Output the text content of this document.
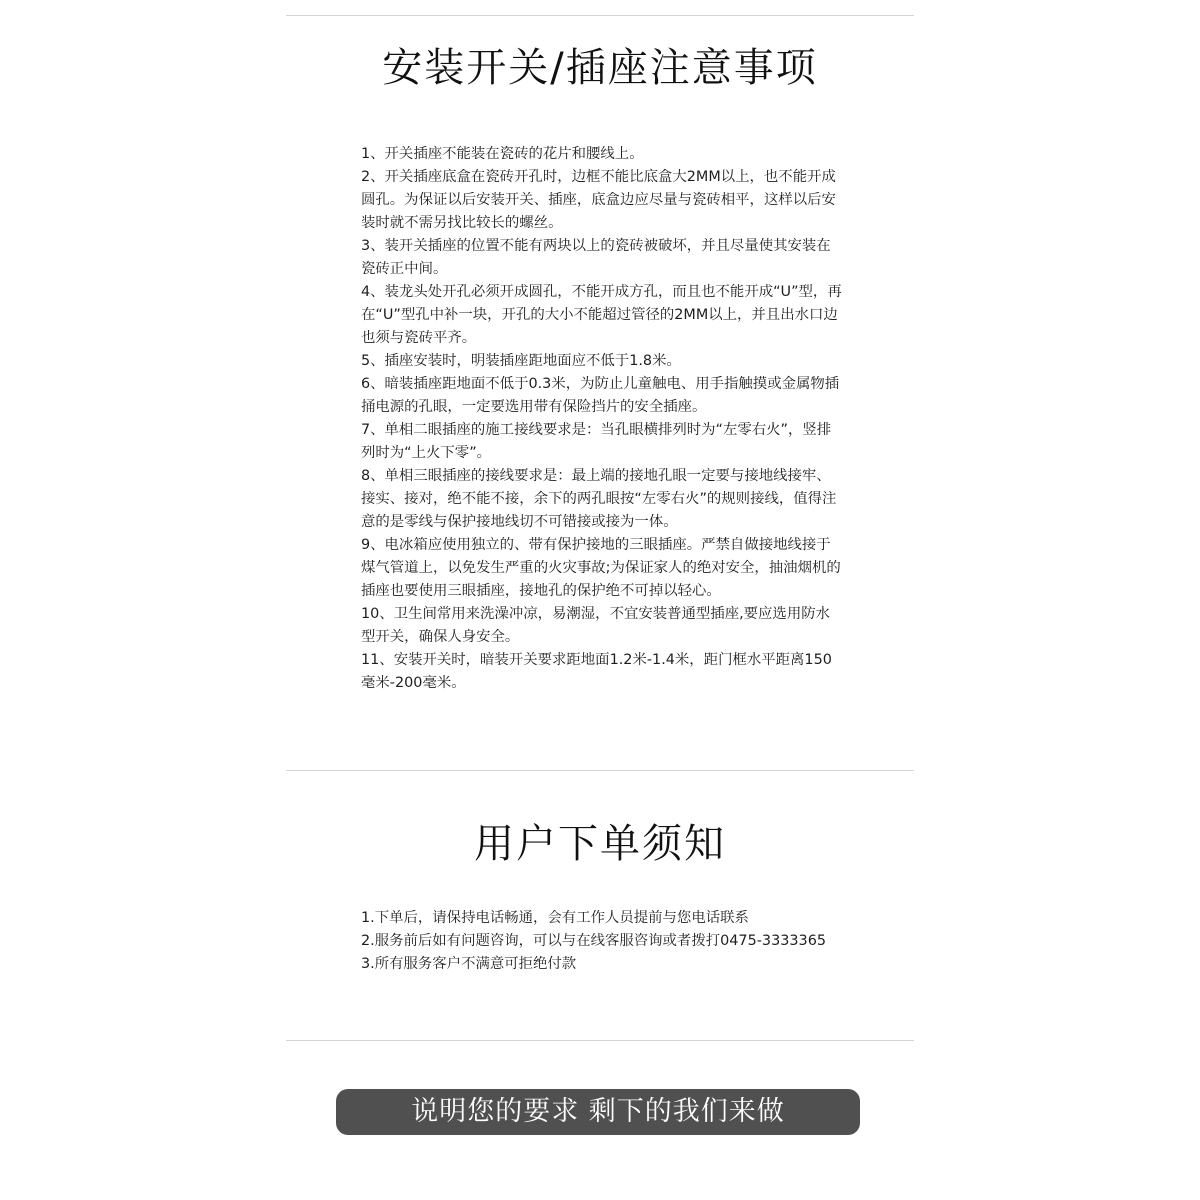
安装开关/插座注意事项
1、开关插座不能装在瓷砖的花片和腰线上。
2、开关插座底盒在瓷砖开孔时，边框不能比底盒大2MM以上，也不能开成圆孔。为保证以后安装开关、插座，底盒边应尽量与瓷砖相平，这样以后安装时就不需另找比较长的螺丝。
3、装开关插座的位置不能有两块以上的瓷砖被破坏，并且尽量使其安装在瓷砖正中间。
4、装龙头处开孔必须开成圆孔，不能开成方孔，而且也不能开成“U”型，再在“U”型孔中补一块，开孔的大小不能超过管径的2MM以上，并且出水口边也须与瓷砖平齐。
5、插座安装时，明装插座距地面应不低于1.8米。
6、暗装插座距地面不低于0.3米，为防止儿童触电、用手指触摸或金属物插捅电源的孔眼，一定要选用带有保险挡片的安全插座。
7、单相二眼插座的施工接线要求是：当孔眼横排列时为“左零右火”，竖排列时为“上火下零”。
8、单相三眼插座的接线要求是：最上端的接地孔眼一定要与接地线接牢、接实、接对，绝不能不接，余下的两孔眼按“左零右火”的规则接线，值得注意的是零线与保护接地线切不可错接或接为一体。
9、电冰箱应使用独立的、带有保护接地的三眼插座。严禁自做接地线接于煤气管道上，以免发生严重的火灾事故;为保证家人的绝对安全，抽油烟机的插座也要使用三眼插座，接地孔的保护绝不可掉以轻心。
10、卫生间常用来洗澡冲凉，易潮湿，不宜安装普通型插座,要应选用防水型开关，确保人身安全。
11、安装开关时，暗装开关要求距地面1.2米-1.4米，距门框水平距离150毫米-200毫米。
用户下单须知
1.下单后，请保持电话畅通，会有工作人员提前与您电话联系
2.服务前后如有问题咨询，可以与在线客服咨询或者拨打0475-3333365
3.所有服务客户不满意可拒绝付款
说明您的要求 剩下的我们来做
